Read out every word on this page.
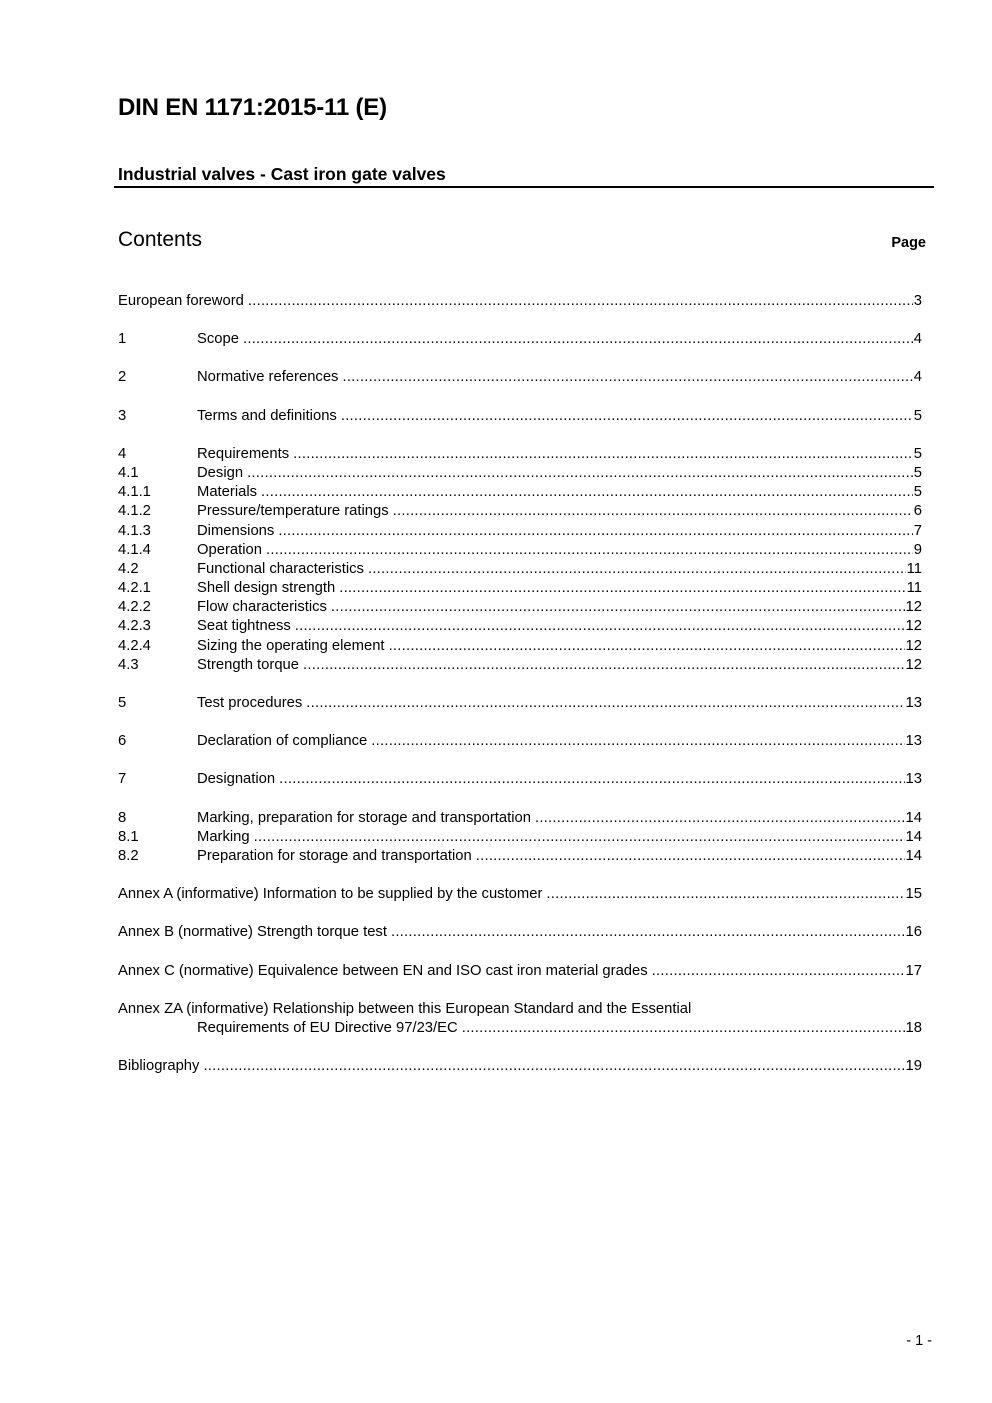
DIN EN 1171:2015-11 (E)
Industrial valves - Cast iron gate valves
Contents	Page
European foreword .....	3
1	Scope .....	4
2	Normative references .....	4
3	Terms and definitions .....	5
4	Requirements .....	5
4.1	Design .....	5
4.1.1	Materials .....	5
4.1.2	Pressure/temperature ratings .....	6
4.1.3	Dimensions .....	7
4.1.4	Operation .....	9
4.2	Functional characteristics .....	11
4.2.1	Shell design strength .....	11
4.2.2	Flow characteristics .....	12
4.2.3	Seat tightness .....	12
4.2.4	Sizing the operating element .....	12
4.3	Strength torque .....	12
5	Test procedures .....	13
6	Declaration of compliance .....	13
7	Designation .....	13
8	Marking, preparation for storage and transportation .....	14
8.1	Marking .....	14
8.2	Preparation for storage and transportation .....	14
Annex A (informative) Information to be supplied by the customer .....	15
Annex B (normative) Strength torque test .....	16
Annex C (normative) Equivalence between EN and ISO cast iron material grades .....	17
Annex ZA (informative) Relationship between this European Standard and the Essential
Requirements of EU Directive 97/23/EC .....	18
Bibliography .....	19
- 1 -
